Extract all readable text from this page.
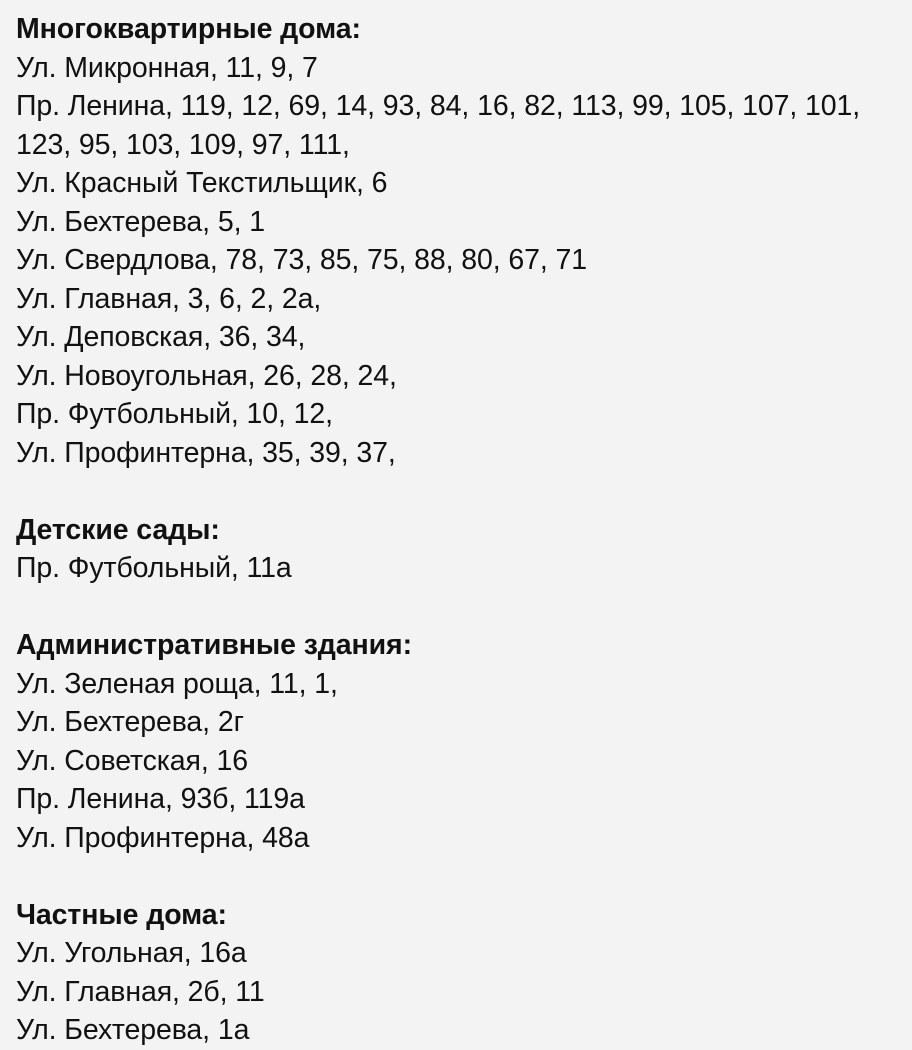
Многоквартирные дома:
Ул. Микронная, 11, 9, 7
Пр. Ленина, 119, 12, 69, 14, 93, 84, 16, 82, 113, 99, 105, 107, 101,
123, 95, 103, 109, 97, 111,
Ул. Красный Текстильщик, 6
Ул. Бехтерева, 5, 1
Ул. Свердлова, 78, 73, 85, 75, 88, 80, 67, 71
Ул. Главная, 3, 6, 2, 2а,
Ул. Деповская, 36, 34,
Ул. Новоугольная, 26, 28, 24,
Пр. Футбольный, 10, 12,
Ул. Профинтерна, 35, 39, 37,
Детские сады:
Пр. Футбольный, 11а
Административные здания:
Ул. Зеленая роща, 11, 1,
Ул. Бехтерева, 2г
Ул. Советская, 16
Пр. Ленина, 93б, 119а
Ул. Профинтерна, 48а
Частные дома:
Ул. Угольная, 16а
Ул. Главная, 2б, 11
Ул. Бехтерева, 1а
